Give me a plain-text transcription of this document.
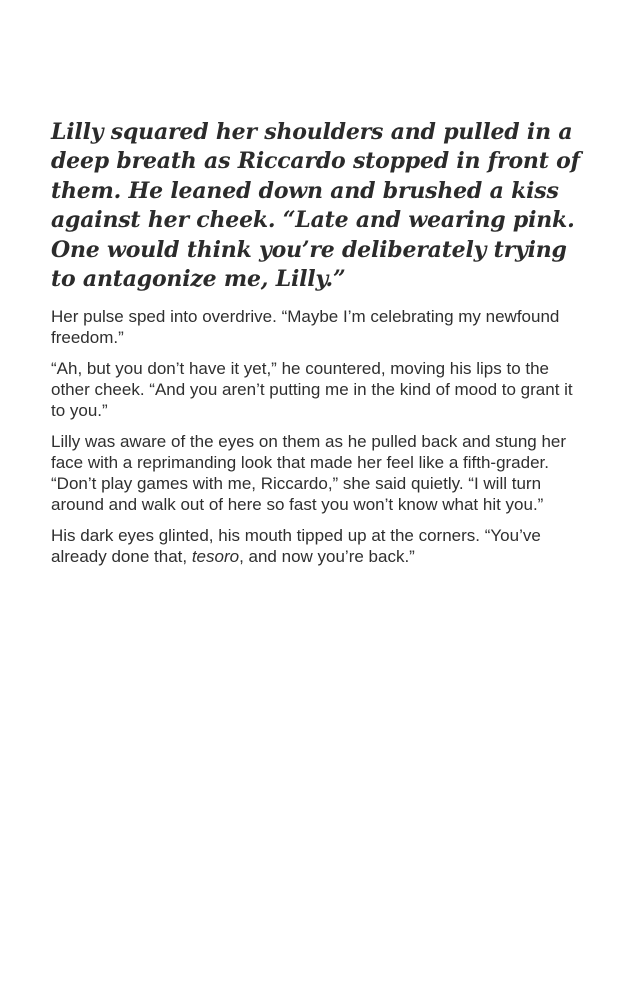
Lilly squared her shoulders and pulled in a deep breath as Riccardo stopped in front of them. He leaned down and brushed a kiss against her cheek. “Late and wearing pink. One would think you’re deliberately trying to antagonize me, Lilly.”

Her pulse sped into overdrive. “Maybe I’m celebrating my newfound freedom.”

“Ah, but you don’t have it yet,” he countered, moving his lips to the other cheek. “And you aren’t putting me in the kind of mood to grant it to you.”

Lilly was aware of the eyes on them as he pulled back and stung her face with a reprimanding look that made her feel like a fifth-grader. “Don’t play games with me, Riccardo,” she said quietly. “I will turn around and walk out of here so fast you won’t know what hit you.”

His dark eyes glinted, his mouth tipped up at the corners. “You’ve already done that, tesoro, and now you’re back.”
